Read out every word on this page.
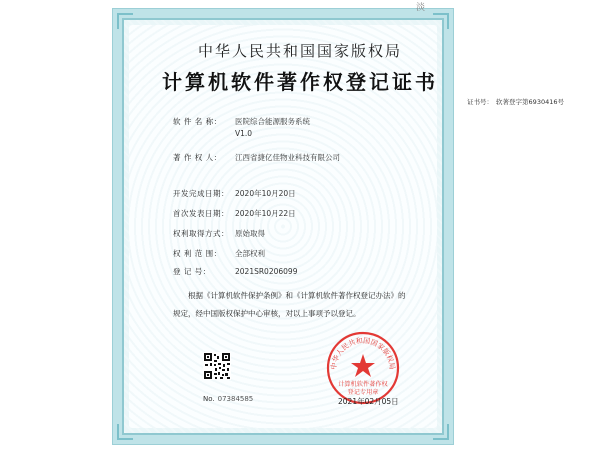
淡
中华人民共和国国家版权局
计算机软件著作权登记证书
证书号： 软著登字第6930416号
软 件 名 称： 医院综合能源服务系统
V1.0
著 作 权 人： 江西省捷亿佳物业科技有限公司
开发完成日期： 2020年10月20日
首次发表日期： 2020年10月22日
权利取得方式： 原始取得
权 利 范 围： 全部权利
登 记 号：	2021SR0206099
根据《计算机软件保护条例》和《计算机软件著作权登记办法》的
规定，经中国版权保护中心审核，对以上事项予以登记。
No. 07384585
中华人民共和国国家版权局
计算机软件著作权
登记专用章
2021年02月05日
